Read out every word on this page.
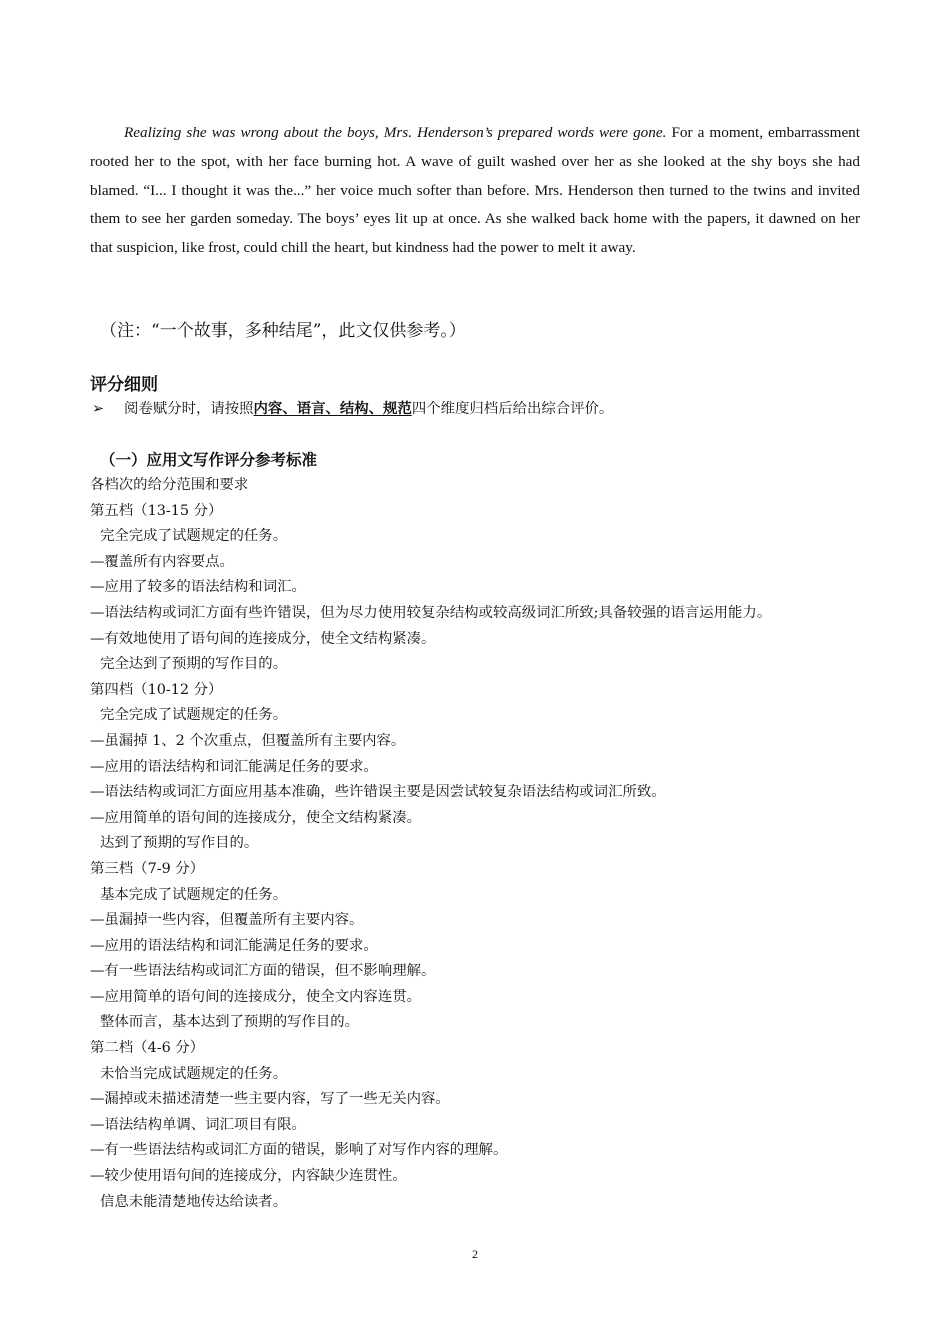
Realizing she was wrong about the boys, Mrs. Henderson’s prepared words were gone. For a moment, embarrassment rooted her to the spot, with her face burning hot. A wave of guilt washed over her as she looked at the shy boys she had blamed. “I... I thought it was the...” her voice much softer than before. Mrs. Henderson then turned to the twins and invited them to see her garden someday. The boys’ eyes lit up at once. As she walked back home with the papers, it dawned on her that suspicion, like frost, could chill the heart, but kindness had the power to melt it away.

（注：“一个故事，多种结尾”，此文仅供参考。）
评分细则
➢ 阅卷赋分时，请按照内容、语言、结构、规范四个维度归档后给出综合评价。
（一）应用文写作评分参考标准
各档次的给分范围和要求
第五档（13-15 分）
完全完成了试题规定的任务。
—覆盖所有内容要点。
—应用了较多的语法结构和词汇。
—语法结构或词汇方面有些许错误，但为尽力使用较复杂结构或较高级词汇所致;具备较强的语言运用能力。
—有效地使用了语句间的连接成分，使全文结构紧凑。
完全达到了预期的写作目的。
第四档（10-12 分）
完全完成了试题规定的任务。
—虽漏掉 1、2 个次重点，但覆盖所有主要内容。
—应用的语法结构和词汇能满足任务的要求。
—语法结构或词汇方面应用基本准确，些许错误主要是因尝试较复杂语法结构或词汇所致。
—应用简单的语句间的连接成分，使全文结构紧凑。
达到了预期的写作目的。
第三档（7-9 分）
基本完成了试题规定的任务。
—虽漏掉一些内容，但覆盖所有主要内容。
—应用的语法结构和词汇能满足任务的要求。
—有一些语法结构或词汇方面的错误，但不影响理解。
—应用简单的语句间的连接成分，使全文内容连贯。
整体而言，基本达到了预期的写作目的。
第二档（4-6 分）
未恰当完成试题规定的任务。
—漏掉或未描述清楚一些主要内容，写了一些无关内容。
—语法结构单调、词汇项目有限。
—有一些语法结构或词汇方面的错误，影响了对写作内容的理解。
—较少使用语句间的连接成分，内容缺少连贯性。
信息未能清楚地传达给读者。
2
